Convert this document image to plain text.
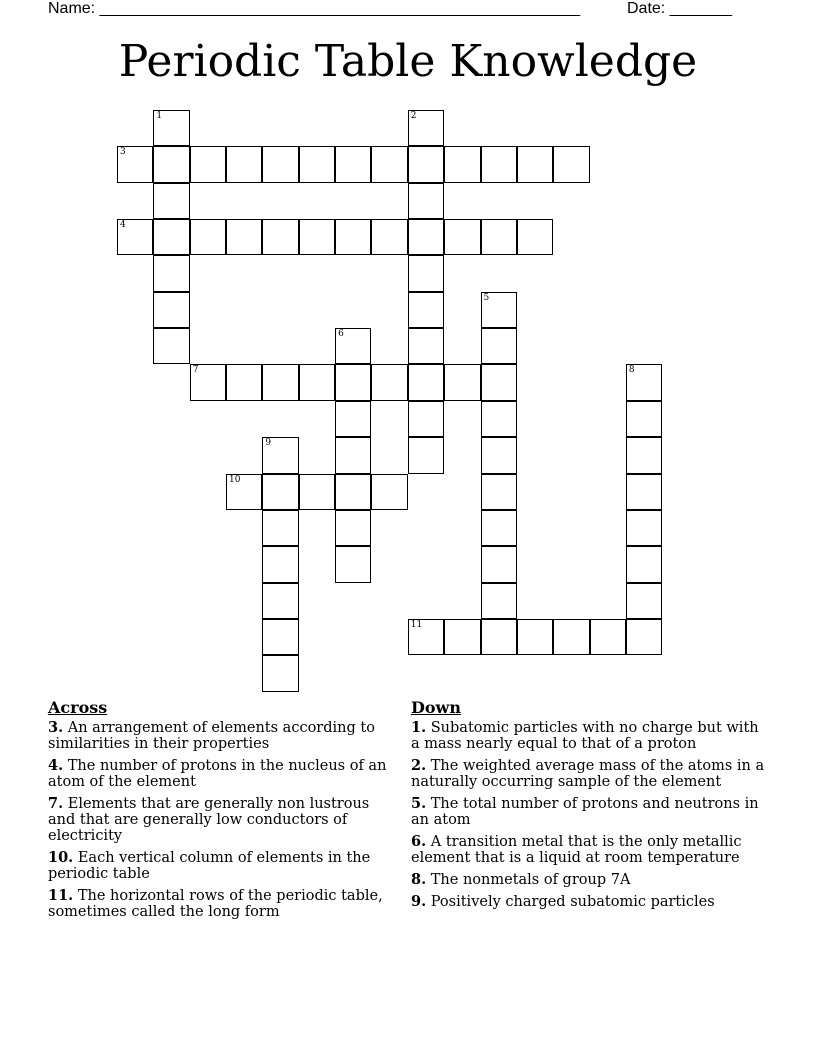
Name: ______________________________________________________	Date: _______
Periodic Table Knowledge
1	2
3
4
5
6
7	8
9
10
11
Across
3. An arrangement of elements according to similarities in their properties
4. The number of protons in the nucleus of an atom of the element
7. Elements that are generally non lustrous and that are generally low conductors of electricity
10. Each vertical column of elements in the periodic table
11. The horizontal rows of the periodic table, sometimes called the long form
Down
1. Subatomic particles with no charge but with a mass nearly equal to that of a proton
2. The weighted average mass of the atoms in a naturally occurring sample of the element
5. The total number of protons and neutrons in an atom
6. A transition metal that is the only metallic element that is a liquid at room temperature
8. The nonmetals of group 7A
9. Positively charged subatomic particles
